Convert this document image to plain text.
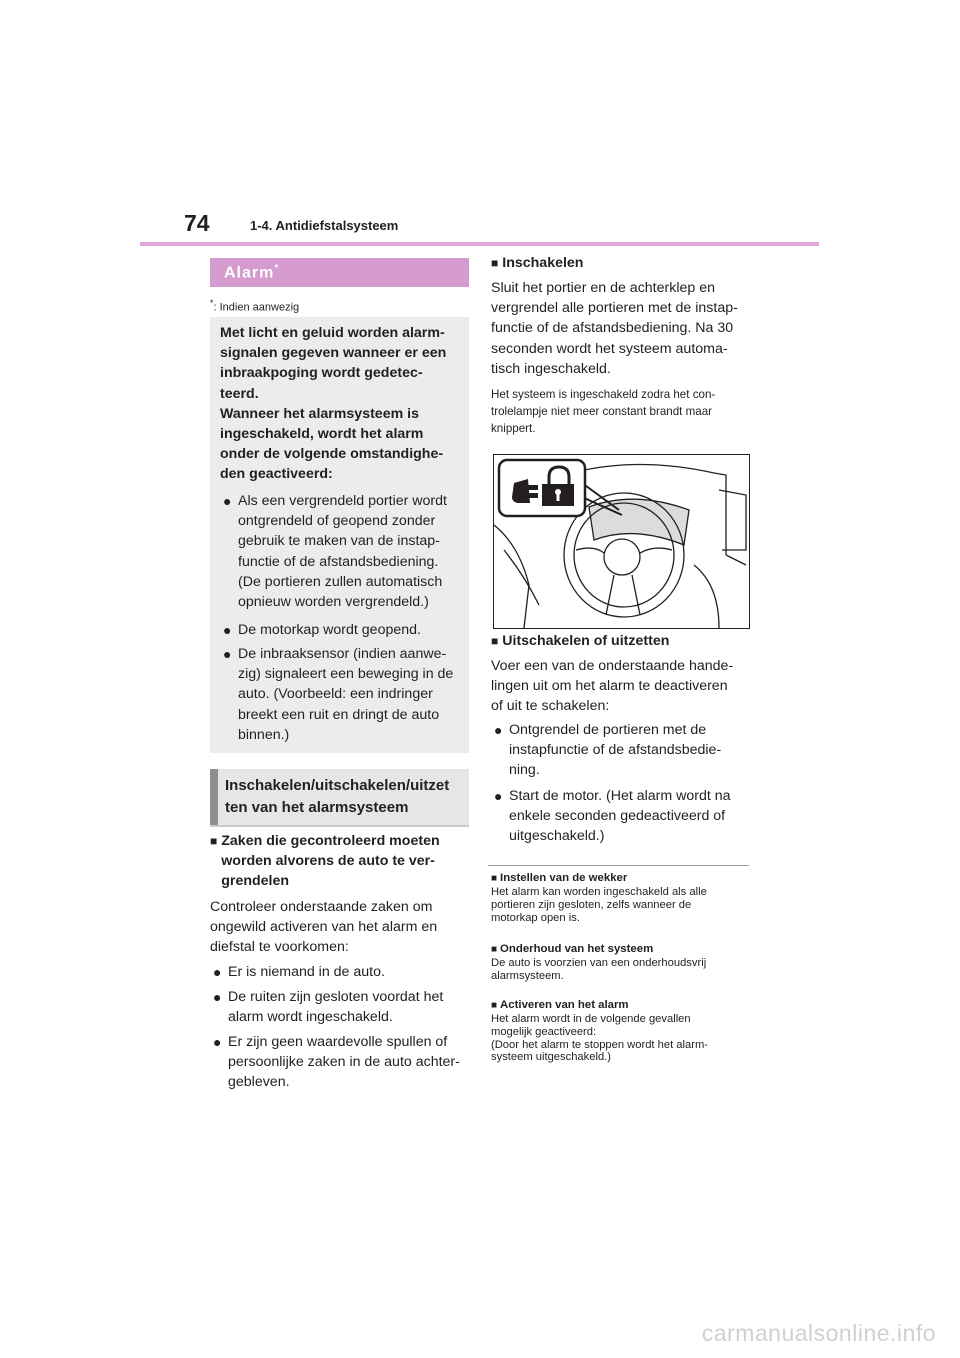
74	1-4. Antidiefstalsysteem
Alarm*
*: Indien aanwezig
Met licht en geluid worden alarm-
signalen gegeven wanneer er een
inbraakpoging wordt gedetec-
teerd.
Wanneer het alarmsysteem is
ingeschakeld, wordt het alarm
onder de volgende omstandighe-
den geactiveerd:
● Als een vergrendeld portier wordt
ontgrendeld of geopend zonder
gebruik te maken van de instap-
functie of de afstandsbediening.
(De portieren zullen automatisch
opnieuw worden vergrendeld.)
● De motorkap wordt geopend.
● De inbraaksensor (indien aanwe-
zig) signaleert een beweging in de
auto. (Voorbeeld: een indringer
breekt een ruit en dringt de auto
binnen.)
Inschakelen/uitschakelen/uitzet
ten van het alarmsysteem
■ Zaken die gecontroleerd moeten
worden alvorens de auto te ver-
grendelen
Controleer onderstaande zaken om
ongewild activeren van het alarm en
diefstal te voorkomen:
● Er is niemand in de auto.
● De ruiten zijn gesloten voordat het
alarm wordt ingeschakeld.
● Er zijn geen waardevolle spullen of
persoonlijke zaken in de auto achter-
gebleven.
■ Inschakelen
Sluit het portier en de achterklep en
vergrendel alle portieren met de instap-
functie of de afstandsbediening. Na 30
seconden wordt het systeem automa-
tisch ingeschakeld.
Het systeem is ingeschakeld zodra het con-
trolelampje niet meer constant brandt maar
knippert.
■ Uitschakelen of uitzetten
Voer een van de onderstaande hande-
lingen uit om het alarm te deactiveren
of uit te schakelen:
● Ontgrendel de portieren met de
instapfunctie of de afstandsbedie-
ning.
● Start de motor. (Het alarm wordt na
enkele seconden gedeactiveerd of
uitgeschakeld.)
■ Instellen van de wekker
Het alarm kan worden ingeschakeld als alle
portieren zijn gesloten, zelfs wanneer de
motorkap open is.
■ Onderhoud van het systeem
De auto is voorzien van een onderhoudsvrij
alarmsysteem.
■ Activeren van het alarm
Het alarm wordt in de volgende gevallen
mogelijk geactiveerd:
(Door het alarm te stoppen wordt het alarm-
systeem uitgeschakeld.)
carmanualsonline.info
